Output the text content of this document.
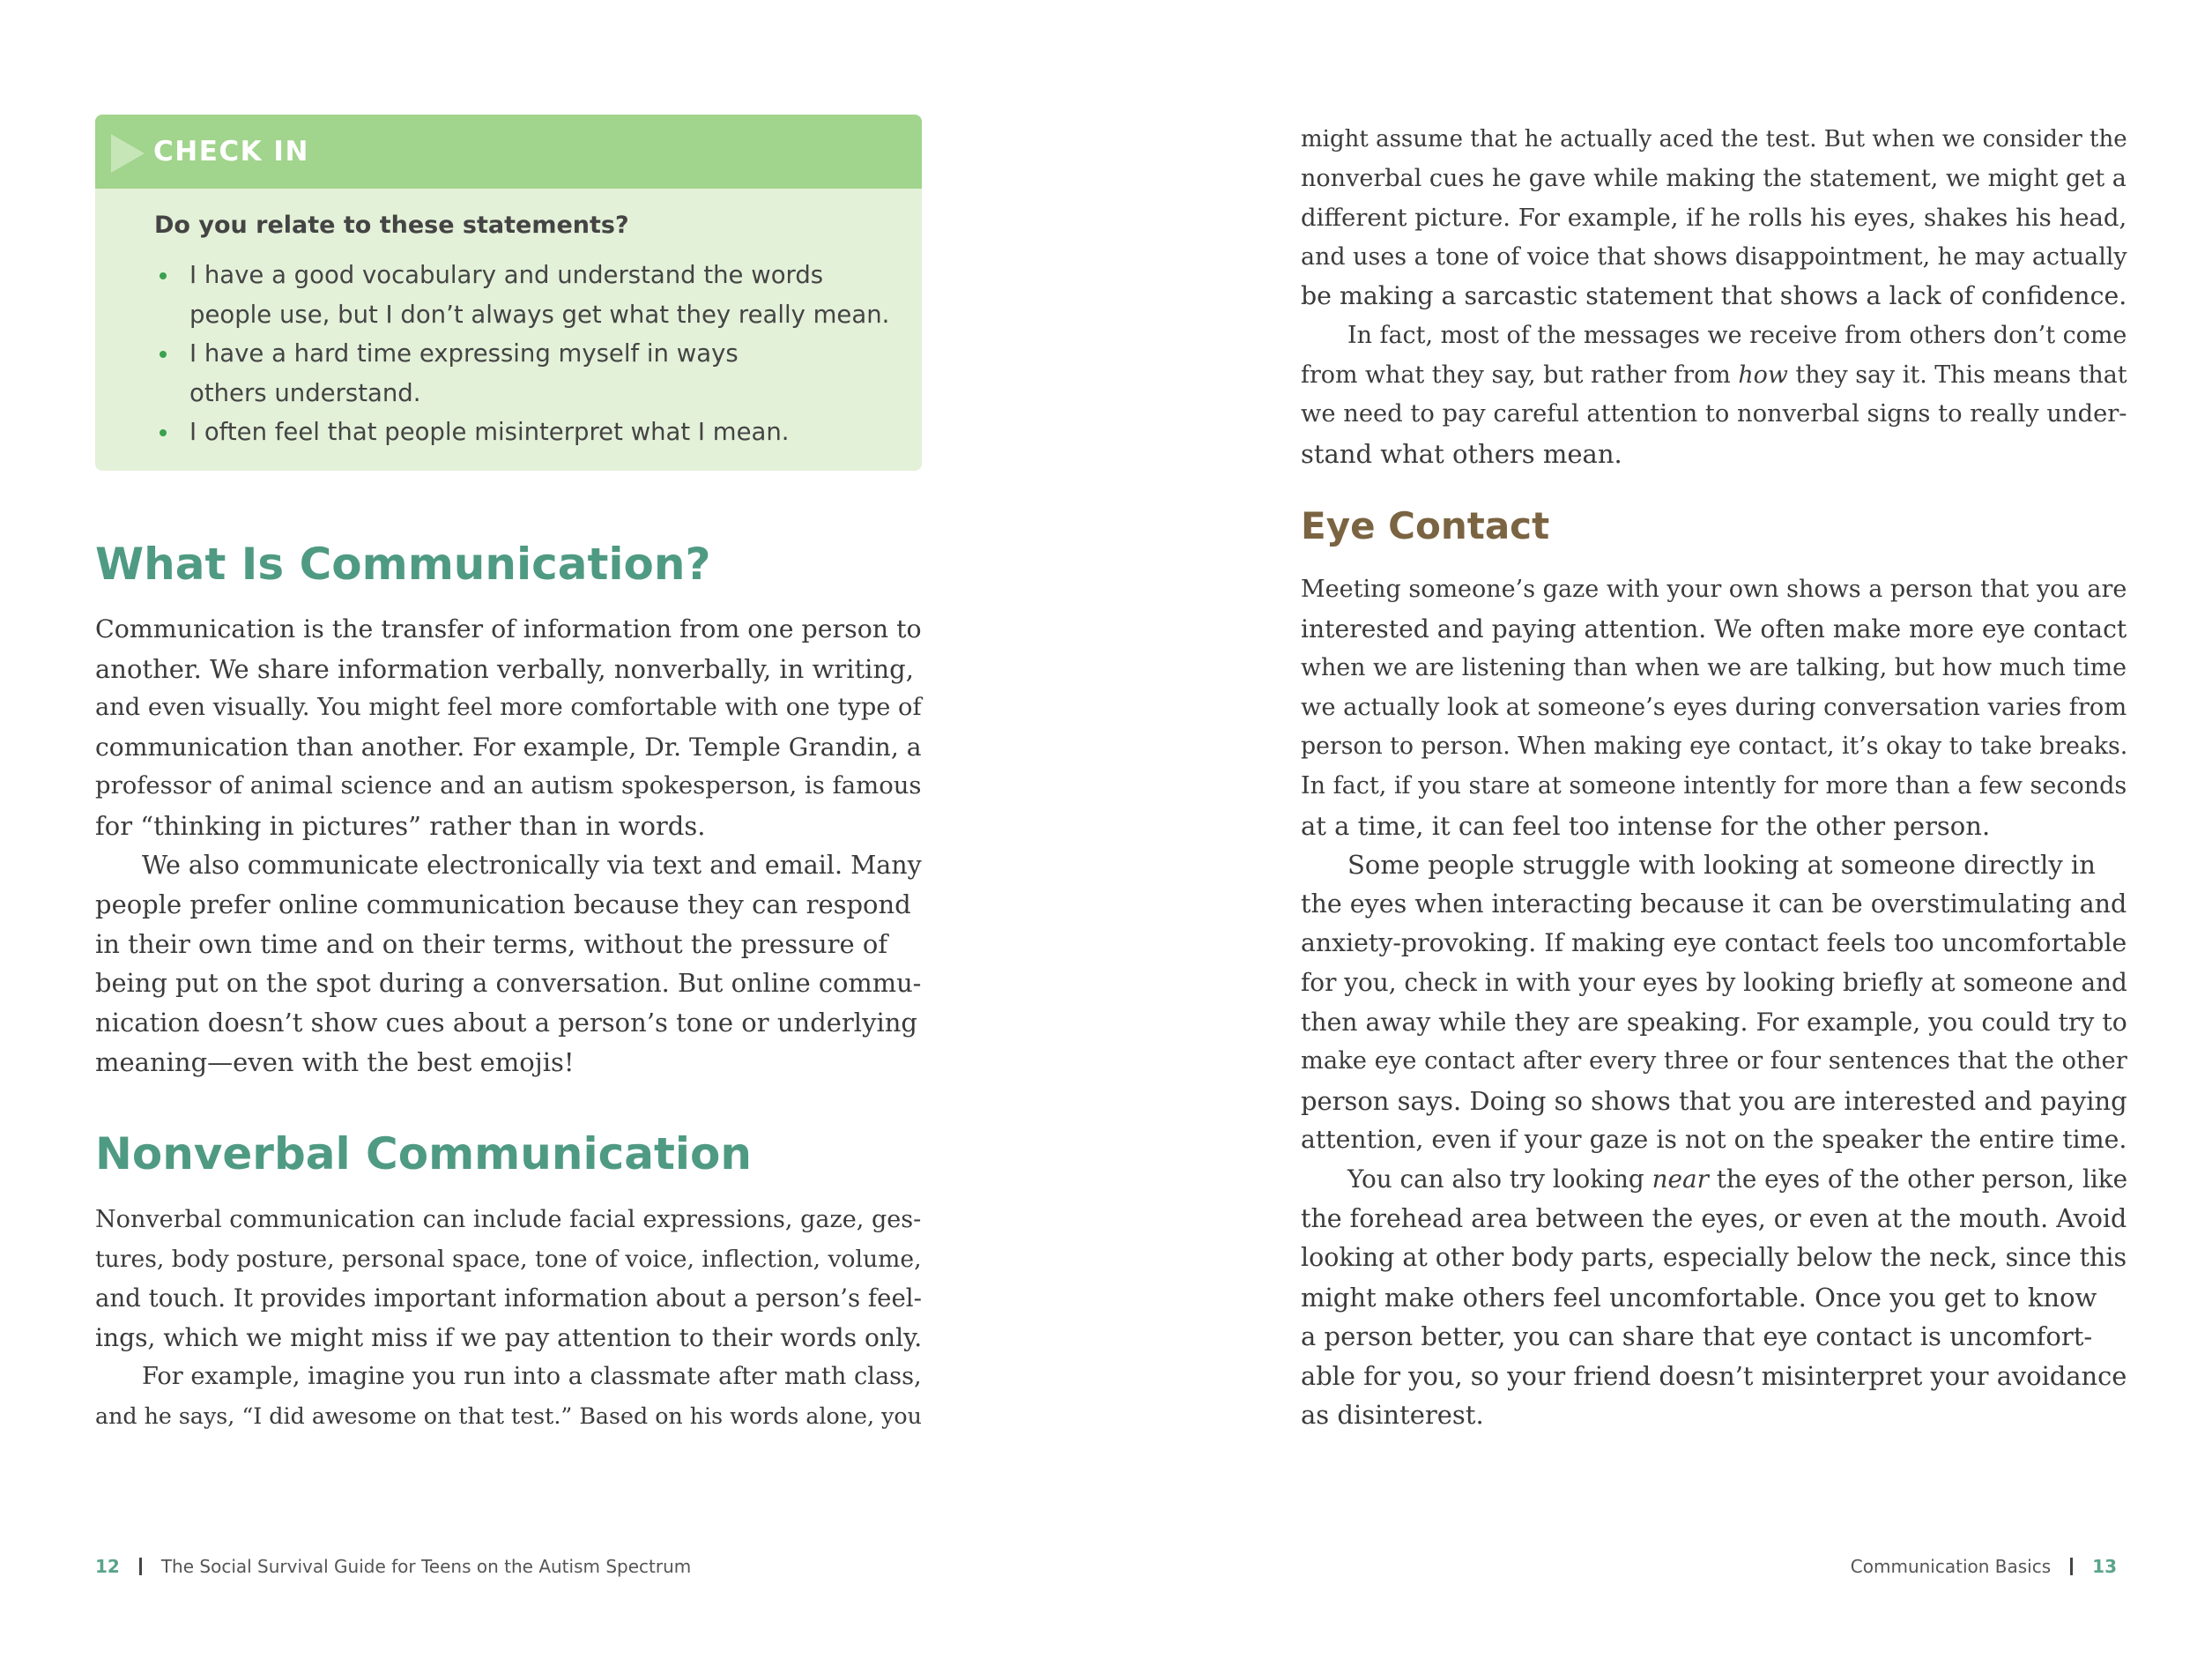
CHECK IN
Do you relate to these statements?
I have a good vocabulary and understand the words
people use, but I don’t always get what they really mean.
I have a hard time expressing myself in ways
others understand.
I often feel that people misinterpret what I mean.
What Is Communication?
Communication is the transfer of information from one person to
another. We share information verbally, nonverbally, in writing,
and even visually. You might feel more comfortable with one type of
communication than another. For example, Dr. Temple Grandin, a
professor of animal science and an autism spokesperson, is famous
for “thinking in pictures” rather than in words.
We also communicate electronically via text and email. Many
people prefer online communication because they can respond
in their own time and on their terms, without the pressure of
being put on the spot during a conversation. But online commu-
nication doesn’t show cues about a person’s tone or underlying
meaning—even with the best emojis!
Nonverbal Communication
Nonverbal communication can include facial expressions, gaze, ges-
tures, body posture, personal space, tone of voice, inflection, volume,
and touch. It provides important information about a person’s feel-
ings, which we might miss if we pay attention to their words only.
For example, imagine you run into a classmate after math class,
and he says, “I did awesome on that test.” Based on his words alone, you
12 The Social Survival Guide for Teens on the Autism Spectrum
might assume that he actually aced the test. But when we consider the
nonverbal cues he gave while making the statement, we might get a
different picture. For example, if he rolls his eyes, shakes his head,
and uses a tone of voice that shows disappointment, he may actually
be making a sarcastic statement that shows a lack of confidence.
In fact, most of the messages we receive from others don’t come
from what they say, but rather from how they say it. This means that
we need to pay careful attention to nonverbal signs to really under-
stand what others mean.
Eye Contact
Meeting someone’s gaze with your own shows a person that you are
interested and paying attention. We often make more eye contact
when we are listening than when we are talking, but how much time
we actually look at someone’s eyes during conversation varies from
person to person. When making eye contact, it’s okay to take breaks.
In fact, if you stare at someone intently for more than a few seconds
at a time, it can feel too intense for the other person.
Some people struggle with looking at someone directly in
the eyes when interacting because it can be overstimulating and
anxiety-provoking. If making eye contact feels too uncomfortable
for you, check in with your eyes by looking briefly at someone and
then away while they are speaking. For example, you could try to
make eye contact after every three or four sentences that the other
person says. Doing so shows that you are interested and paying
attention, even if your gaze is not on the speaker the entire time.
You can also try looking near the eyes of the other person, like
the forehead area between the eyes, or even at the mouth. Avoid
looking at other body parts, especially below the neck, since this
might make others feel uncomfortable. Once you get to know
a person better, you can share that eye contact is uncomfort-
able for you, so your friend doesn’t misinterpret your avoidance
as disinterest.
Communication Basics 13
